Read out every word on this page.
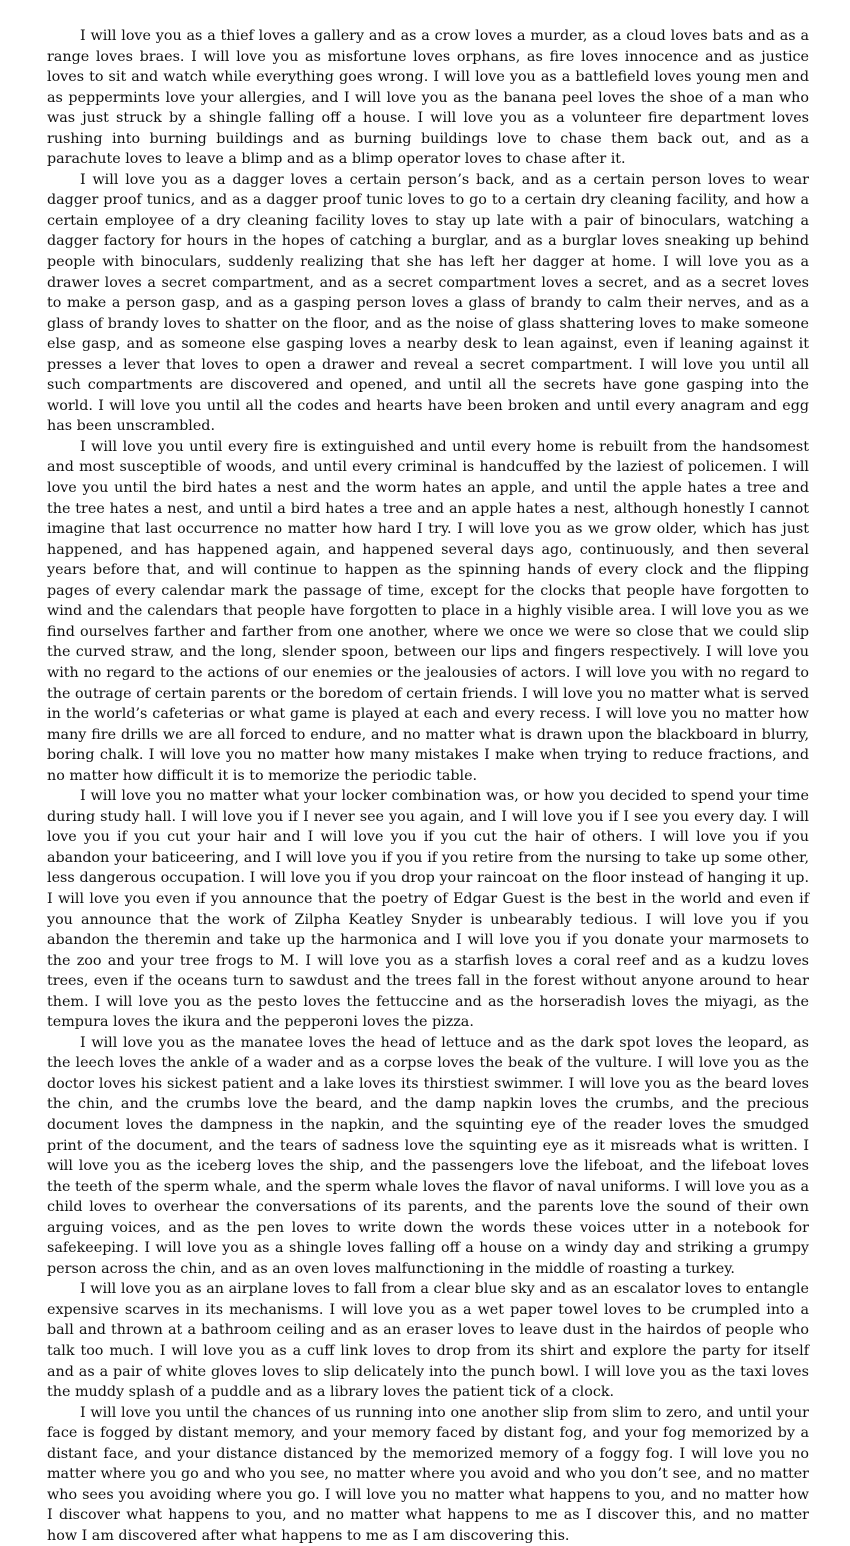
I will love you as a thief loves a gallery and as a crow loves a murder, as a cloud loves bats and as a range loves braes. I will love you as misfortune loves orphans, as fire loves innocence and as justice loves to sit and watch while everything goes wrong. I will love you as a battlefield loves young men and as peppermints love your allergies, and I will love you as the banana peel loves the shoe of a man who was just struck by a shingle falling off a house. I will love you as a volunteer fire department loves rushing into burning buildings and as burning buildings love to chase them back out, and as a parachute loves to leave a blimp and as a blimp operator loves to chase after it.

I will love you as a dagger loves a certain person’s back, and as a certain person loves to wear dagger proof tunics, and as a dagger proof tunic loves to go to a certain dry cleaning facility, and how a certain employee of a dry cleaning facility loves to stay up late with a pair of binoculars, watching a dagger factory for hours in the hopes of catching a burglar, and as a burglar loves sneaking up behind people with binoculars, suddenly realizing that she has left her dagger at home. I will love you as a drawer loves a secret compartment, and as a secret compartment loves a secret, and as a secret loves to make a person gasp, and as a gasping person loves a glass of brandy to calm their nerves, and as a glass of brandy loves to shatter on the floor, and as the noise of glass shattering loves to make someone else gasp, and as someone else gasping loves a nearby desk to lean against, even if leaning against it presses a lever that loves to open a drawer and reveal a secret compartment. I will love you until all such compartments are discovered and opened, and until all the secrets have gone gasping into the world. I will love you until all the codes and hearts have been broken and until every anagram and egg has been unscrambled.

I will love you until every fire is extinguished and until every home is rebuilt from the handsomest and most susceptible of woods, and until every criminal is handcuffed by the laziest of policemen. I will love you until the bird hates a nest and the worm hates an apple, and until the apple hates a tree and the tree hates a nest, and until a bird hates a tree and an apple hates a nest, although honestly I cannot imagine that last occurrence no matter how hard I try. I will love you as we grow older, which has just happened, and has happened again, and happened several days ago, continuously, and then several years before that, and will continue to happen as the spinning hands of every clock and the flipping pages of every calendar mark the passage of time, except for the clocks that people have forgotten to wind and the calendars that people have forgotten to place in a highly visible area. I will love you as we find ourselves farther and farther from one another, where we once we were so close that we could slip the curved straw, and the long, slender spoon, between our lips and fingers respectively. I will love you with no regard to the actions of our enemies or the jealousies of actors. I will love you with no regard to the outrage of certain parents or the boredom of certain friends. I will love you no matter what is served in the world’s cafeterias or what game is played at each and every recess. I will love you no matter how many fire drills we are all forced to endure, and no matter what is drawn upon the blackboard in blurry, boring chalk. I will love you no matter how many mistakes I make when trying to reduce fractions, and no matter how difficult it is to memorize the periodic table.

I will love you no matter what your locker combination was, or how you decided to spend your time during study hall. I will love you if I never see you again, and I will love you if I see you every day. I will love you if you cut your hair and I will love you if you cut the hair of others. I will love you if you abandon your baticeering, and I will love you if you if you retire from the nursing to take up some other, less dangerous occupation. I will love you if you drop your raincoat on the floor instead of hanging it up. I will love you even if you announce that the poetry of Edgar Guest is the best in the world and even if you announce that the work of Zilpha Keatley Snyder is unbearably tedious. I will love you if you abandon the theremin and take up the harmonica and I will love you if you donate your marmosets to the zoo and your tree frogs to M. I will love you as a starfish loves a coral reef and as a kudzu loves trees, even if the oceans turn to sawdust and the trees fall in the forest without anyone around to hear them. I will love you as the pesto loves the fettuccine and as the horseradish loves the miyagi, as the tempura loves the ikura and the pepperoni loves the pizza.

I will love you as the manatee loves the head of lettuce and as the dark spot loves the leopard, as the leech loves the ankle of a wader and as a corpse loves the beak of the vulture. I will love you as the doctor loves his sickest patient and a lake loves its thirstiest swimmer. I will love you as the beard loves the chin, and the crumbs love the beard, and the damp napkin loves the crumbs, and the precious document loves the dampness in the napkin, and the squinting eye of the reader loves the smudged print of the document, and the tears of sadness love the squinting eye as it misreads what is written. I will love you as the iceberg loves the ship, and the passengers love the lifeboat, and the lifeboat loves the teeth of the sperm whale, and the sperm whale loves the flavor of naval uniforms. I will love you as a child loves to overhear the conversations of its parents, and the parents love the sound of their own arguing voices, and as the pen loves to write down the words these voices utter in a notebook for safekeeping. I will love you as a shingle loves falling off a house on a windy day and striking a grumpy person across the chin, and as an oven loves malfunctioning in the middle of roasting a turkey.

I will love you as an airplane loves to fall from a clear blue sky and as an escalator loves to entangle expensive scarves in its mechanisms. I will love you as a wet paper towel loves to be crumpled into a ball and thrown at a bathroom ceiling and as an eraser loves to leave dust in the hairdos of people who talk too much. I will love you as a cuff link loves to drop from its shirt and explore the party for itself and as a pair of white gloves loves to slip delicately into the punch bowl. I will love you as the taxi loves the muddy splash of a puddle and as a library loves the patient tick of a clock.

I will love you until the chances of us running into one another slip from slim to zero, and until your face is fogged by distant memory, and your memory faced by distant fog, and your fog memorized by a distant face, and your distance distanced by the memorized memory of a foggy fog. I will love you no matter where you go and who you see, no matter where you avoid and who you don’t see, and no matter who sees you avoiding where you go. I will love you no matter what happens to you, and no matter how I discover what happens to you, and no matter what happens to me as I discover this, and no matter how I am discovered after what happens to me as I am discovering this.
